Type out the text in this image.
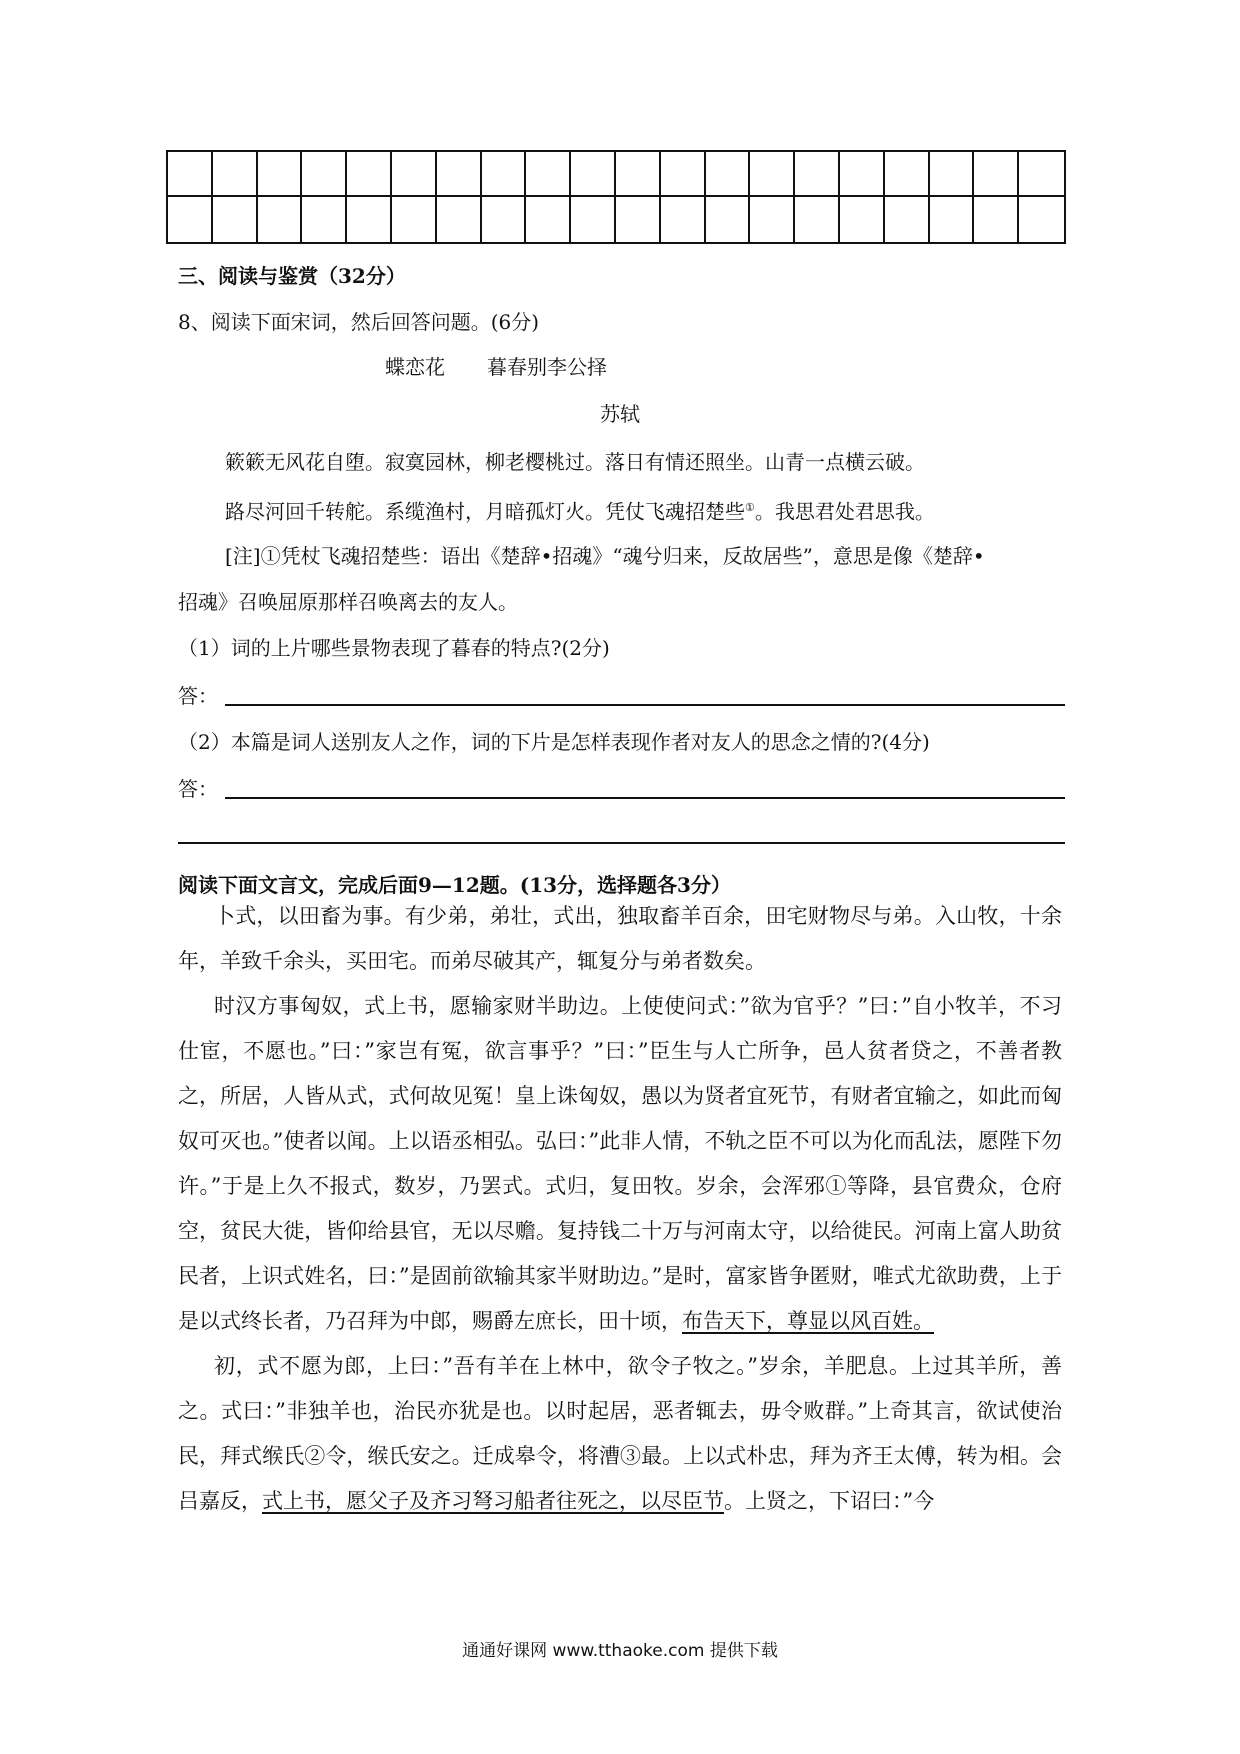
三、阅读与鉴赏（32分）
8、阅读下面宋词，然后回答问题。(6分)
蝶恋花 暮春别李公择
苏轼
簌簌无风花自堕。寂寞园林，柳老樱桃过。落日有情还照坐。山青一点横云破。
路尽河回千转舵。系缆渔村，月暗孤灯火。凭仗飞魂招楚些①。我思君处君思我。
[注]①凭杖飞魂招楚些：语出《楚辞•招魂》“魂兮归来，反故居些”，意思是像《楚辞•
招魂》召唤屈原那样召唤离去的友人。
（1）词的上片哪些景物表现了暮春的特点?(2分)
答：
（2）本篇是词人送别友人之作，词的下片是怎样表现作者对友人的思念之情的?(4分)
答：
阅读下面文言文，完成后面9—12题。(13分，选择题各3分）

卜式，以田畜为事。有少弟，弟壮，式出，独取畜羊百余，田宅财物尽与弟。入山牧，十余年，羊致千余头，买田宅。而弟尽破其产，辄复分与弟者数矣。

时汉方事匈奴，式上书，愿输家财半助边。上使使问式：”欲为官乎？”曰：”自小牧羊，不习仕宦，不愿也。”曰：”家岂有冤，欲言事乎？”曰：”臣生与人亡所争，邑人贫者贷之，不善者教之，所居，人皆从式，式何故见冤！皇上诛匈奴，愚以为贤者宜死节，有财者宜输之，如此而匈奴可灭也。”使者以闻。上以语丞相弘。弘曰：”此非人情，不轨之臣不可以为化而乱法，愿陛下勿许。”于是上久不报式，数岁，乃罢式。式归，复田牧。岁余，会浑邪①等降，县官费众，仓府空，贫民大徙，皆仰给县官，无以尽赡。复持钱二十万与河南太守，以给徙民。河南上富人助贫民者，上识式姓名，曰：”是固前欲输其家半财助边。”是时，富家皆争匿财，唯式尤欲助费，上于是以式终长者，乃召拜为中郎，赐爵左庶长，田十顷，布告天下，尊显以风百姓。

初，式不愿为郎，上曰：”吾有羊在上林中，欲令子牧之。”岁余，羊肥息。上过其羊所，善之。式曰：”非独羊也，治民亦犹是也。以时起居，恶者辄去，毋令败群。”上奇其言，欲试使治民，拜式缑氏②令，缑氏安之。迁成皋令，将漕③最。上以式朴忠，拜为齐王太傅，转为相。会吕嘉反，式上书，愿父子及齐习弩习船者往死之，以尽臣节。上贤之，下诏曰：”今

通通好课网 www.tthaoke.com 提供下载
